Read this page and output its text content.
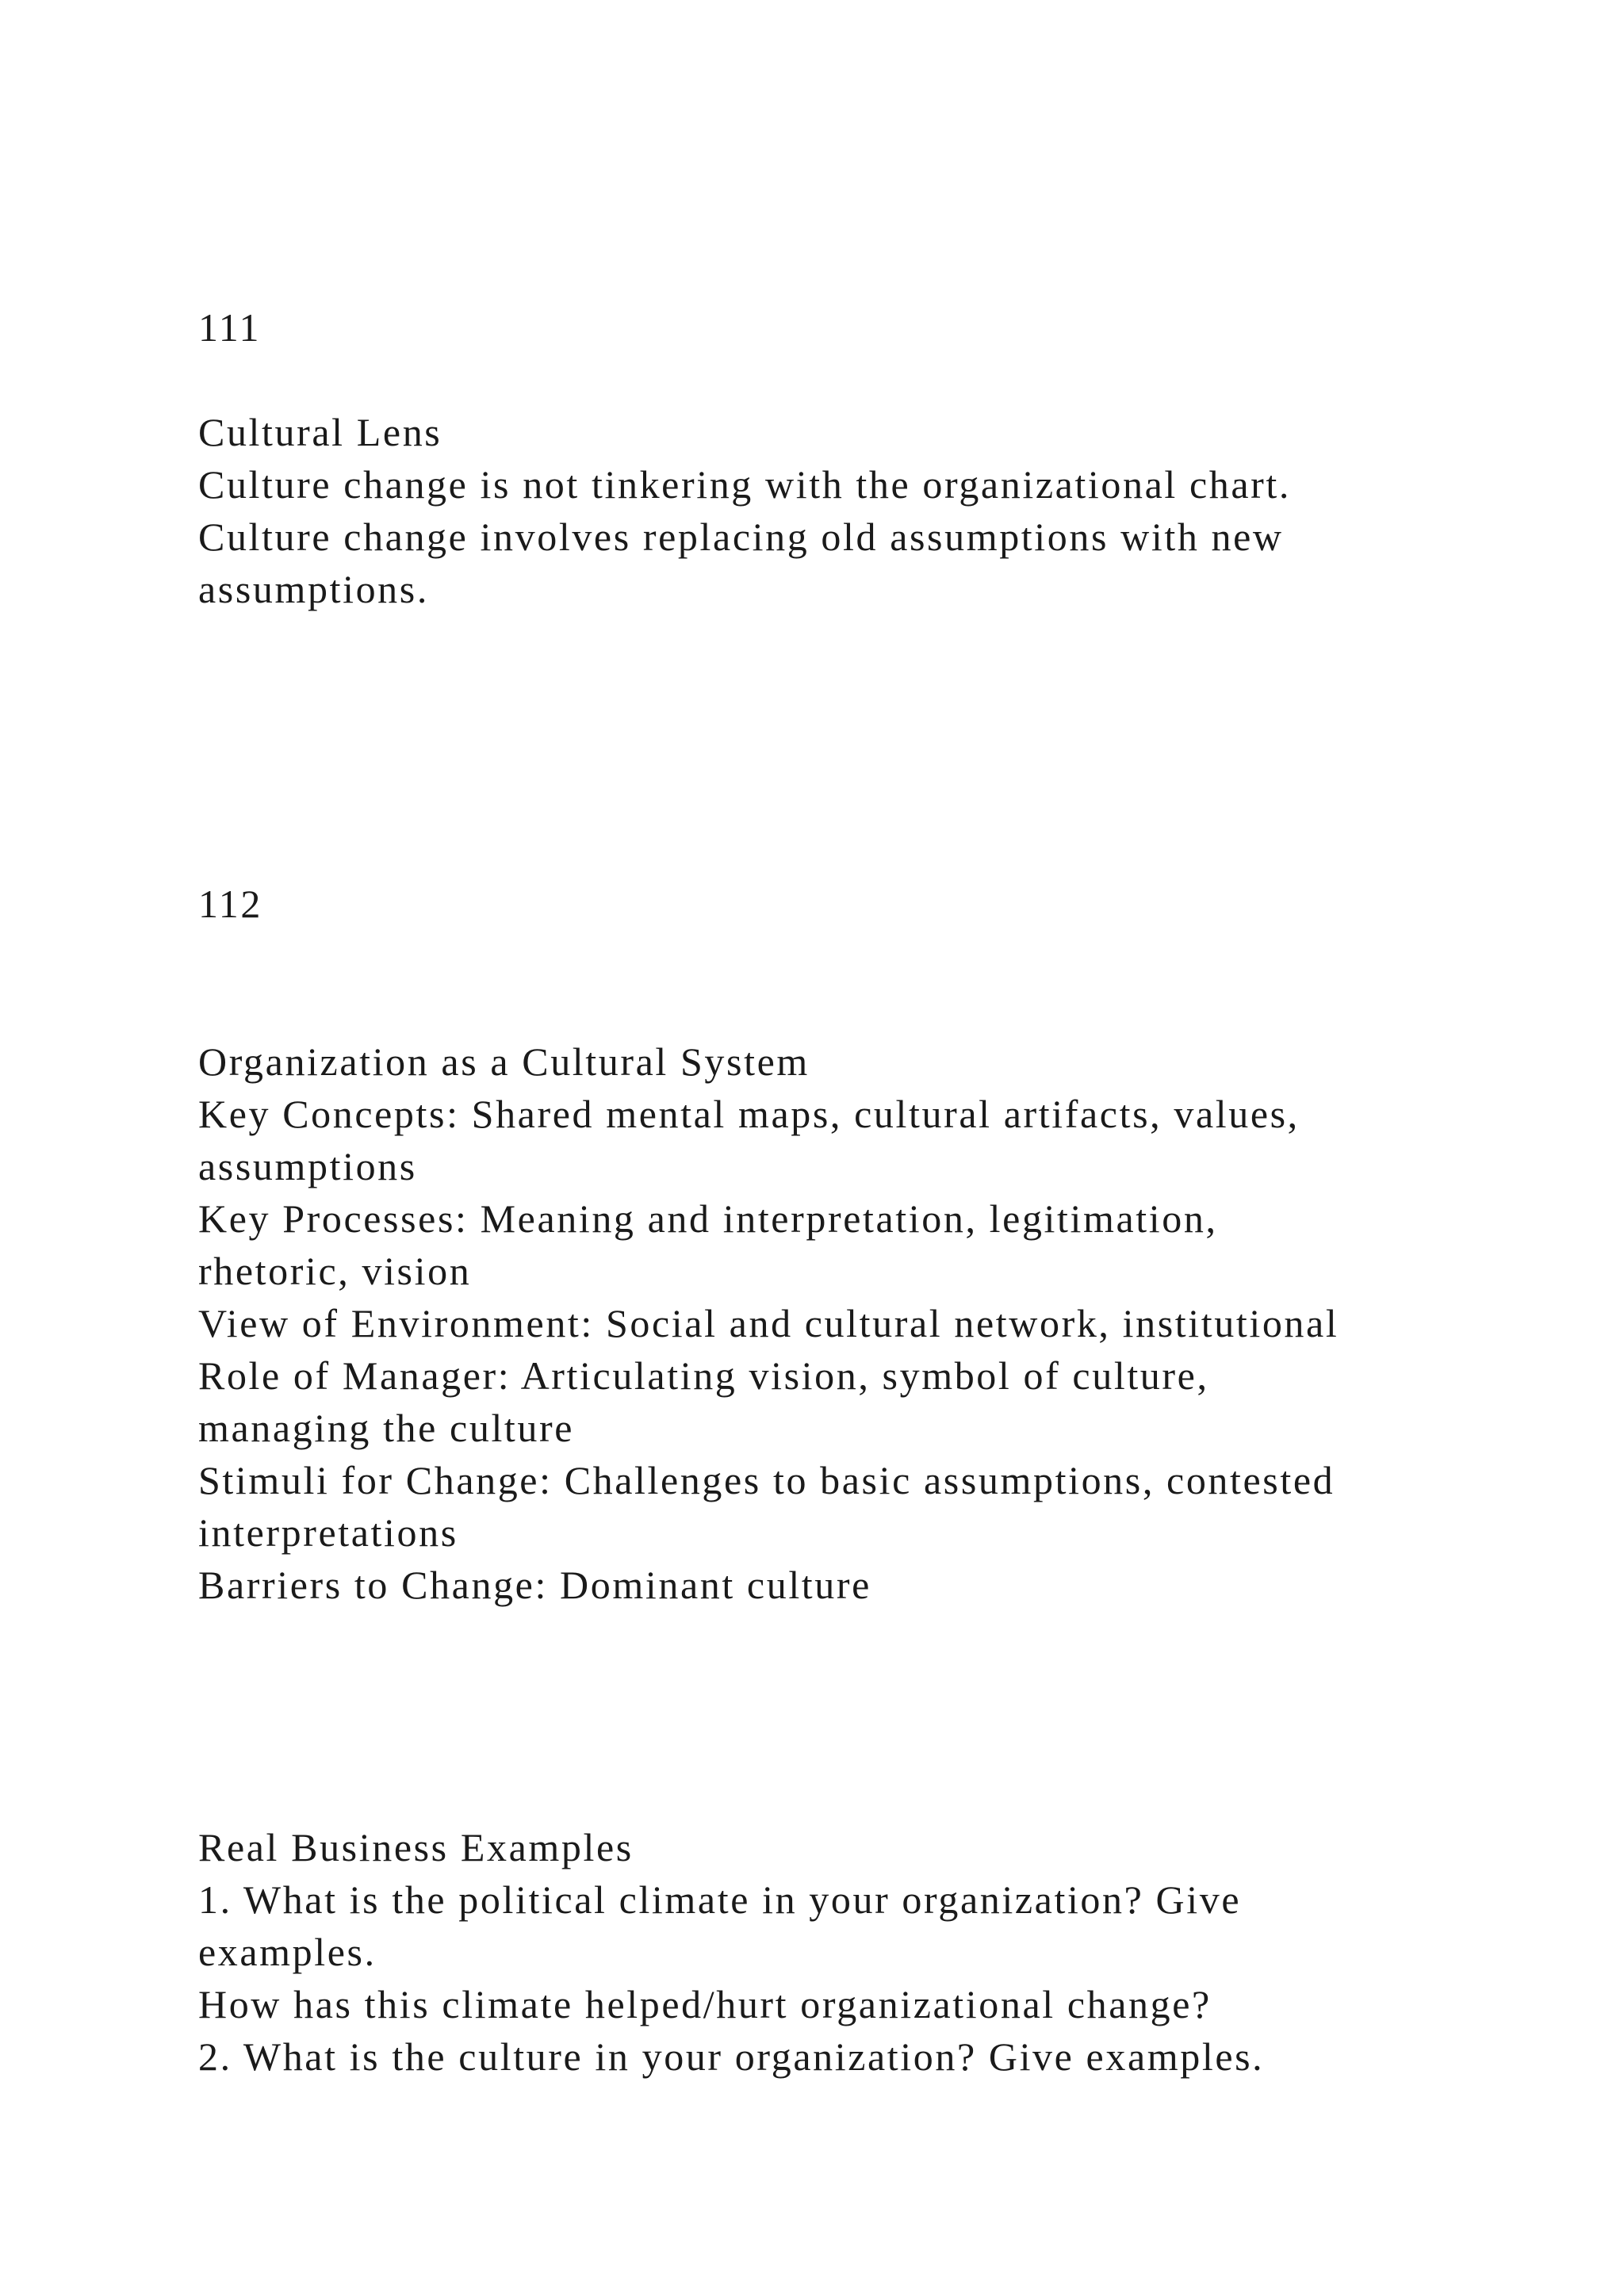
111
Cultural Lens
Culture change is not tinkering with the organizational chart.
Culture change involves replacing old assumptions with new
assumptions.
112
Organization as a Cultural System
Key Concepts: Shared mental maps, cultural artifacts, values,
assumptions
Key Processes: Meaning and interpretation, legitimation,
rhetoric, vision
View of Environment: Social and cultural network, institutional
Role of Manager: Articulating vision, symbol of culture,
managing the culture
Stimuli for Change: Challenges to basic assumptions, contested
interpretations
Barriers to Change: Dominant culture
Real Business Examples
1. What is the political climate in your organization? Give
examples.
How has this climate helped/hurt organizational change?
2. What is the culture in your organization? Give examples.
